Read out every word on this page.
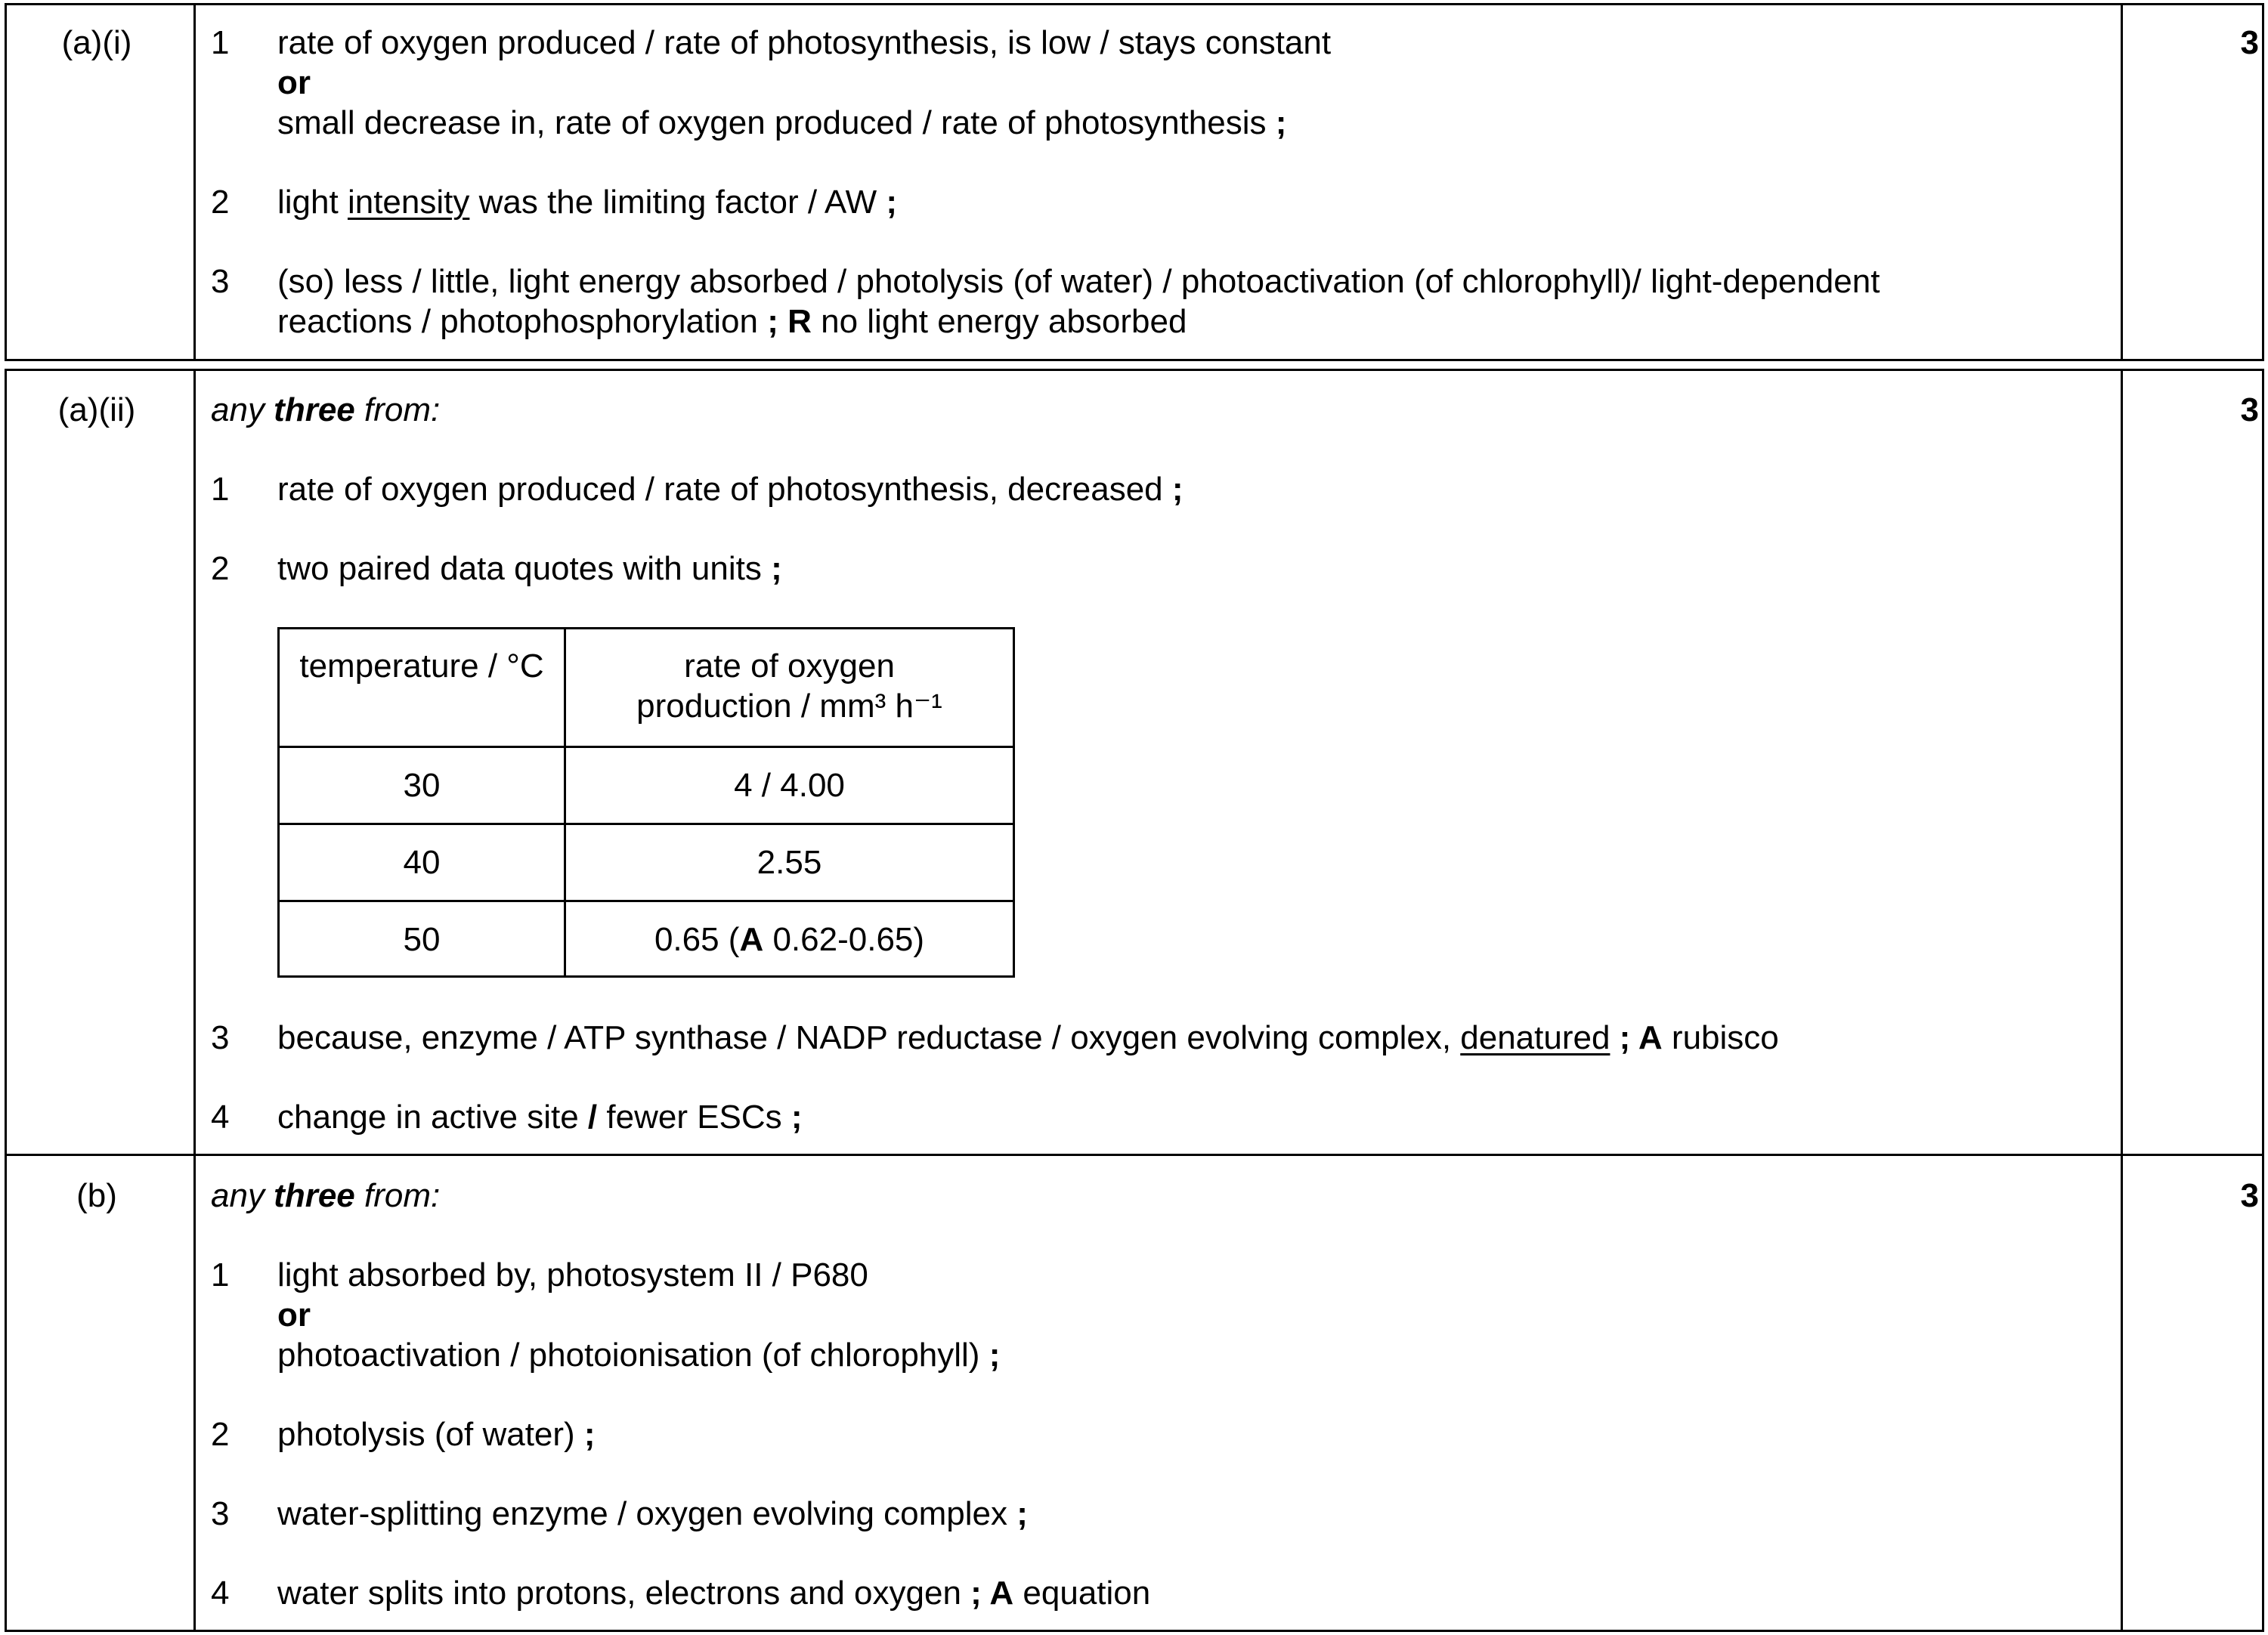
(a)(i)	3
1 rate of oxygen produced / rate of photosynthesis, is low / stays constant
or
small decrease in, rate of oxygen produced / rate of photosynthesis ;
2 light intensity was the limiting factor / AW ;
3 (so) less / little, light energy absorbed / photolysis (of water) / photoactivation (of chlorophyll)/ light-dependent
reactions / photophosphorylation ; R no light energy absorbed
(a)(ii)	3
any three from:
1 rate of oxygen produced / rate of photosynthesis, decreased ;
2 two paired data quotes with units ;
temperature / °C	rate of oxygen
production / mm³ h⁻¹
30	4 / 4.00
40	2.55
50	0.65 (A 0.62-0.65)
3 because, enzyme / ATP synthase / NADP reductase / oxygen evolving complex, denatured ; A rubisco
4 change in active site / fewer ESCs ;
(b)	3
any three from:
1 light absorbed by, photosystem II / P680
or
photoactivation / photoionisation (of chlorophyll) ;
2 photolysis (of water) ;
3 water-splitting enzyme / oxygen evolving complex ;
4 water splits into protons, electrons and oxygen ; A equation
